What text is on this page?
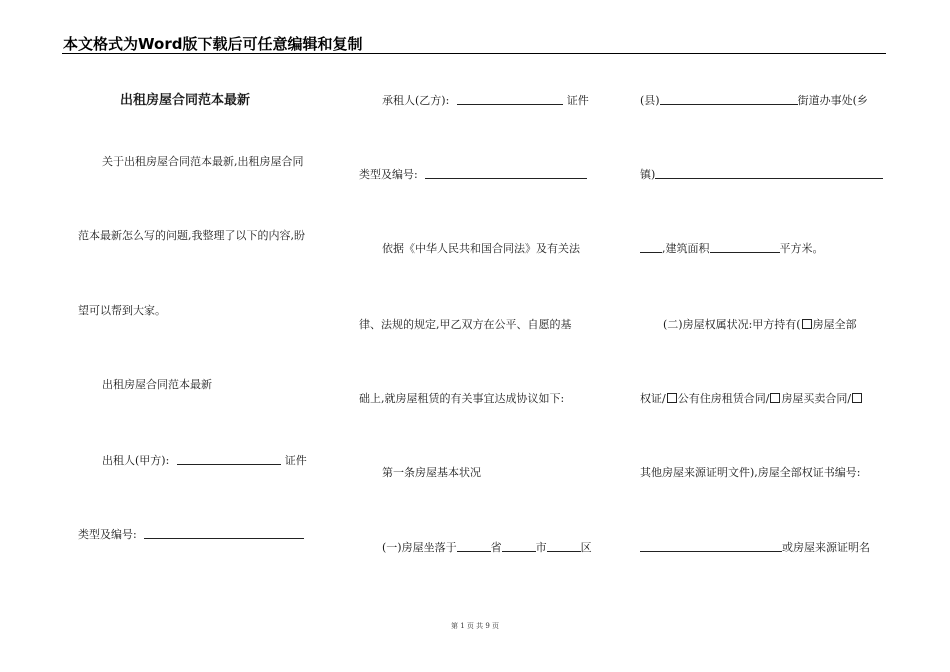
本文格式为Word版下载后可任意编辑和复制
出租房屋合同范本最新
关于出租房屋合同范本最新,出租房屋合同
范本最新怎么写的问题,我整理了以下的内容,盼
望可以帮到大家。
出租房屋合同范本最新
出租人(甲方):	证件
类型及编号:
承租人(乙方):	证件
类型及编号:
依据《中华人民共和国合同法》及有关法
律、法规的规定,甲乙双方在公平、自愿的基
础上,就房屋租赁的有关事宜达成协议如下:
第一条房屋基本状况
(一)房屋坐落于	省	市	区
(县)	街道办事处(乡
镇)
,建筑面积	平方米。
(二)房屋权属状况:甲方持有( 房屋全部
权证/ 公有住房租赁合同/ 房屋买卖合同/
其他房屋来源证明文件),房屋全部权证书编号:
或房屋来源证明名
第 1 页 共 9 页
